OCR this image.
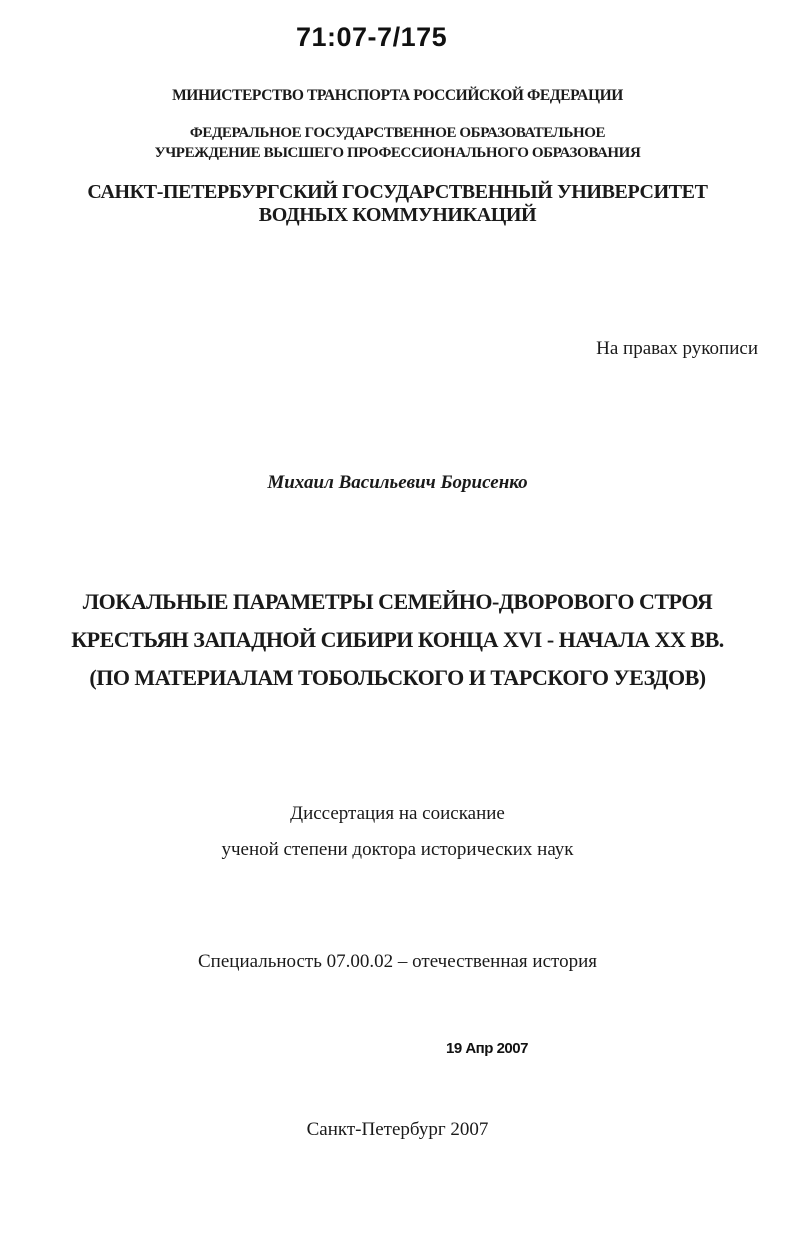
71:07-7/175
МИНИСТЕРСТВО ТРАНСПОРТА РОССИЙСКОЙ ФЕДЕРАЦИИ
ФЕДЕРАЛЬНОЕ ГОСУДАРСТВЕННОЕ ОБРАЗОВАТЕЛЬНОЕ
УЧРЕЖДЕНИЕ ВЫСШЕГО ПРОФЕССИОНАЛЬНОГО ОБРАЗОВАНИЯ
САНКТ-ПЕТЕРБУРГСКИЙ ГОСУДАРСТВЕННЫЙ УНИВЕРСИТЕТ
ВОДНЫХ КОММУНИКАЦИЙ
На правах рукописи
Михаил Васильевич Борисенко
ЛОКАЛЬНЫЕ ПАРАМЕТРЫ СЕМЕЙНО-ДВОРОВОГО СТРОЯ
КРЕСТЬЯН ЗАПАДНОЙ СИБИРИ КОНЦА XVI - НАЧАЛА XX ВВ.
(ПО МАТЕРИАЛАМ ТОБОЛЬСКОГО И ТАРСКОГО УЕЗДОВ)
Диссертация на соискание
ученой степени доктора исторических наук
Специальность 07.00.02 – отечественная история
19 Апр 2007
Санкт-Петербург 2007
